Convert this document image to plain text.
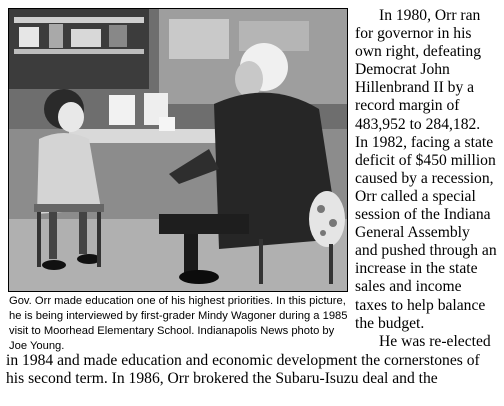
Gov. Orr made education one of his highest priorities. In this picture, he is being interviewed by first-grader Mindy Wagoner during a 1985 visit to Moorhead Elementary School. Indianapolis News photo by Joe Young.
In 1980, Orr ran
for governor in his
own right, defeating
Democrat John
Hillenbrand II by a
record margin of
483,952 to 284,182.
In 1982, facing a state
deficit of $450 million
caused by a recession,
Orr called a special
session of the Indiana
General Assembly
and pushed through an
increase in the state
sales and income
taxes to help balance
the budget.
He was re-elected
in 1984 and made education and economic development the cornerstones of
his second term. In 1986, Orr brokered the Subaru-Isuzu deal and the
